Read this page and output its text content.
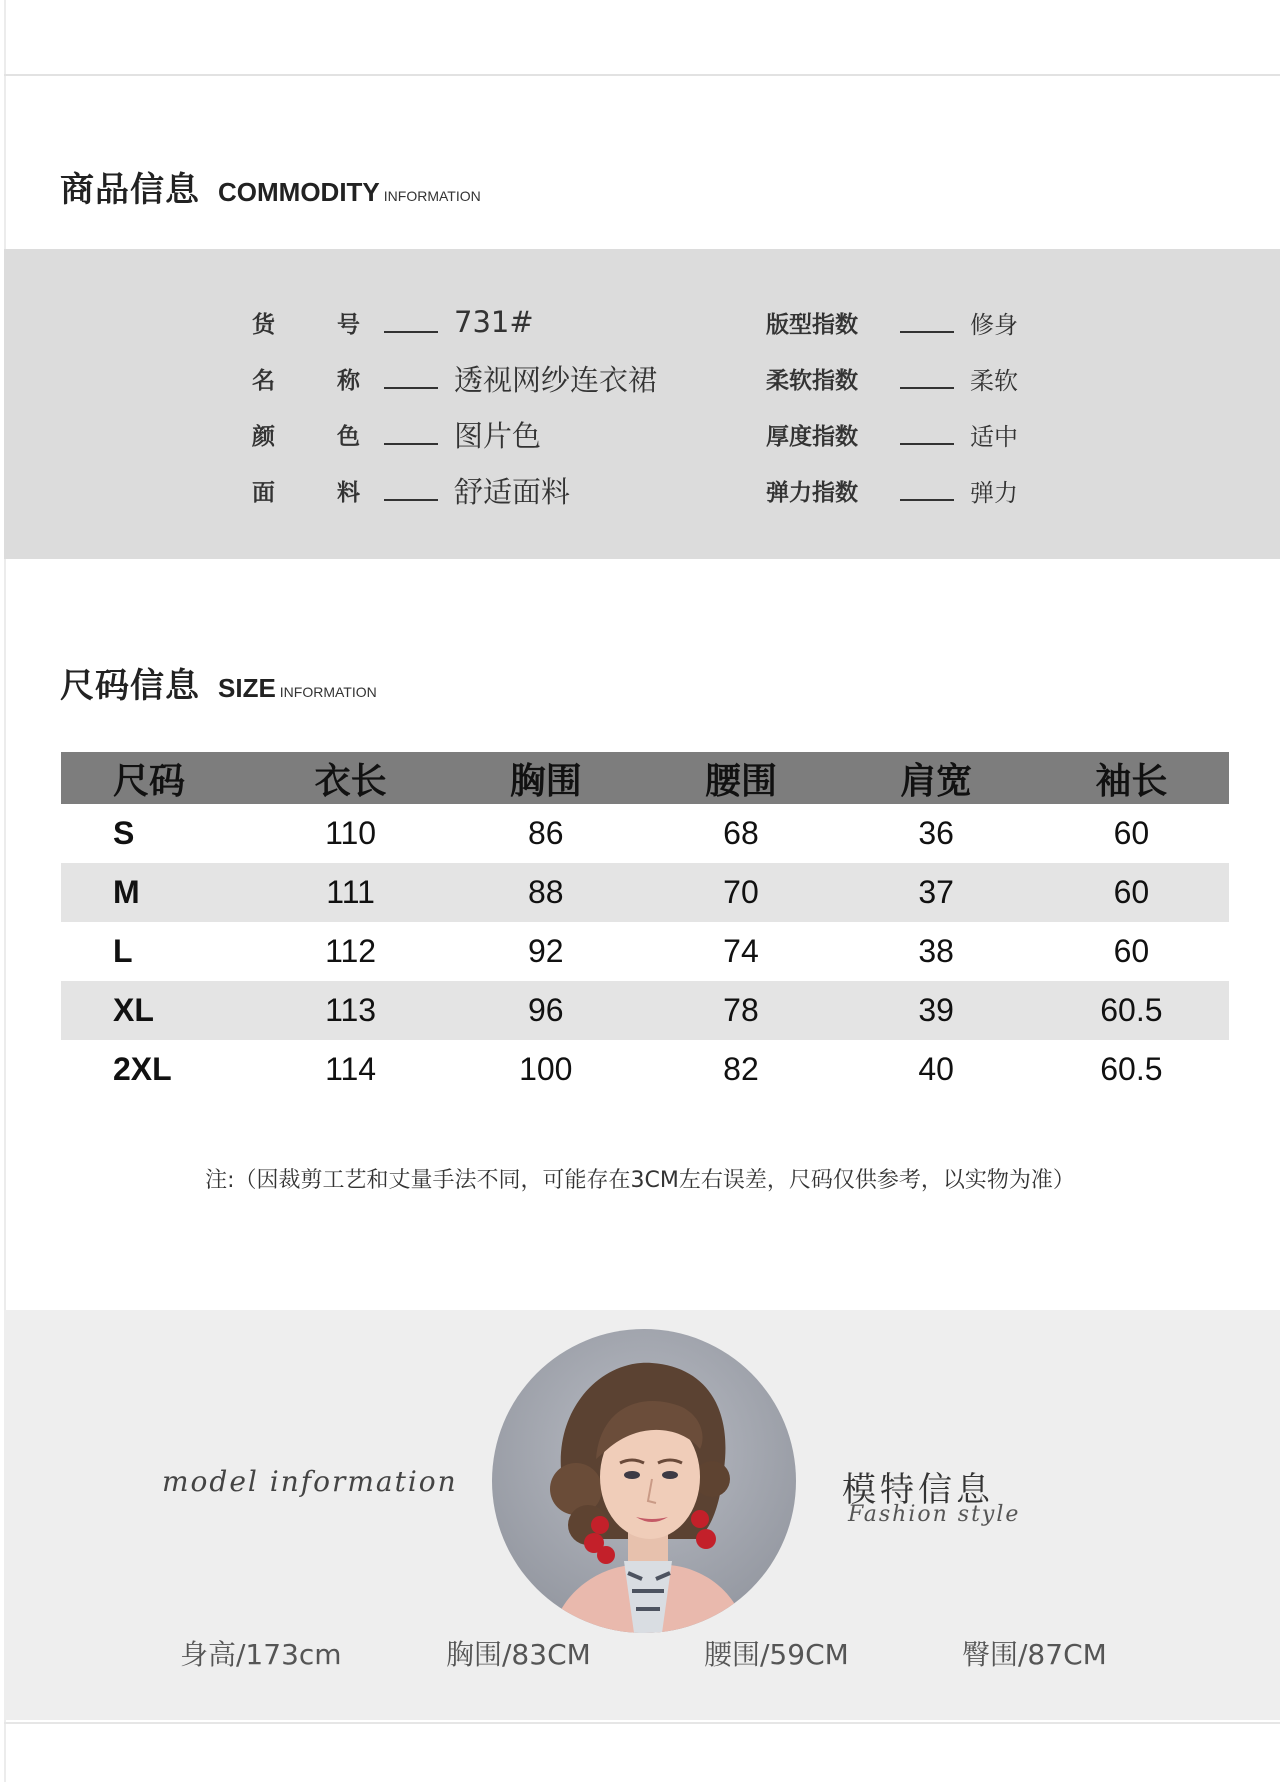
商品信息 COMMODITY INFORMATION
货	号	731#
名	称	透视网纱连衣裙
颜	色	图片色
面	料	舒适面料
版型指数	修身
柔软指数	柔软
厚度指数	适中
弹力指数	弹力
尺码信息 SIZE INFORMATION
尺码	衣长	胸围	腰围	肩宽	袖长
S	110	86	68	36	60
M	111	88	70	37	60
L	112	92	74	38	60
XL	113	96	78	39	60.5
2XL	114	100	82	40	60.5
注:（因裁剪工艺和丈量手法不同，可能存在3CM左右误差，尺码仅供参考，以实物为准）
model information	模特信息
Fashion style
身高/173cm	胸围/83CM	腰围/59CM	臀围/87CM
